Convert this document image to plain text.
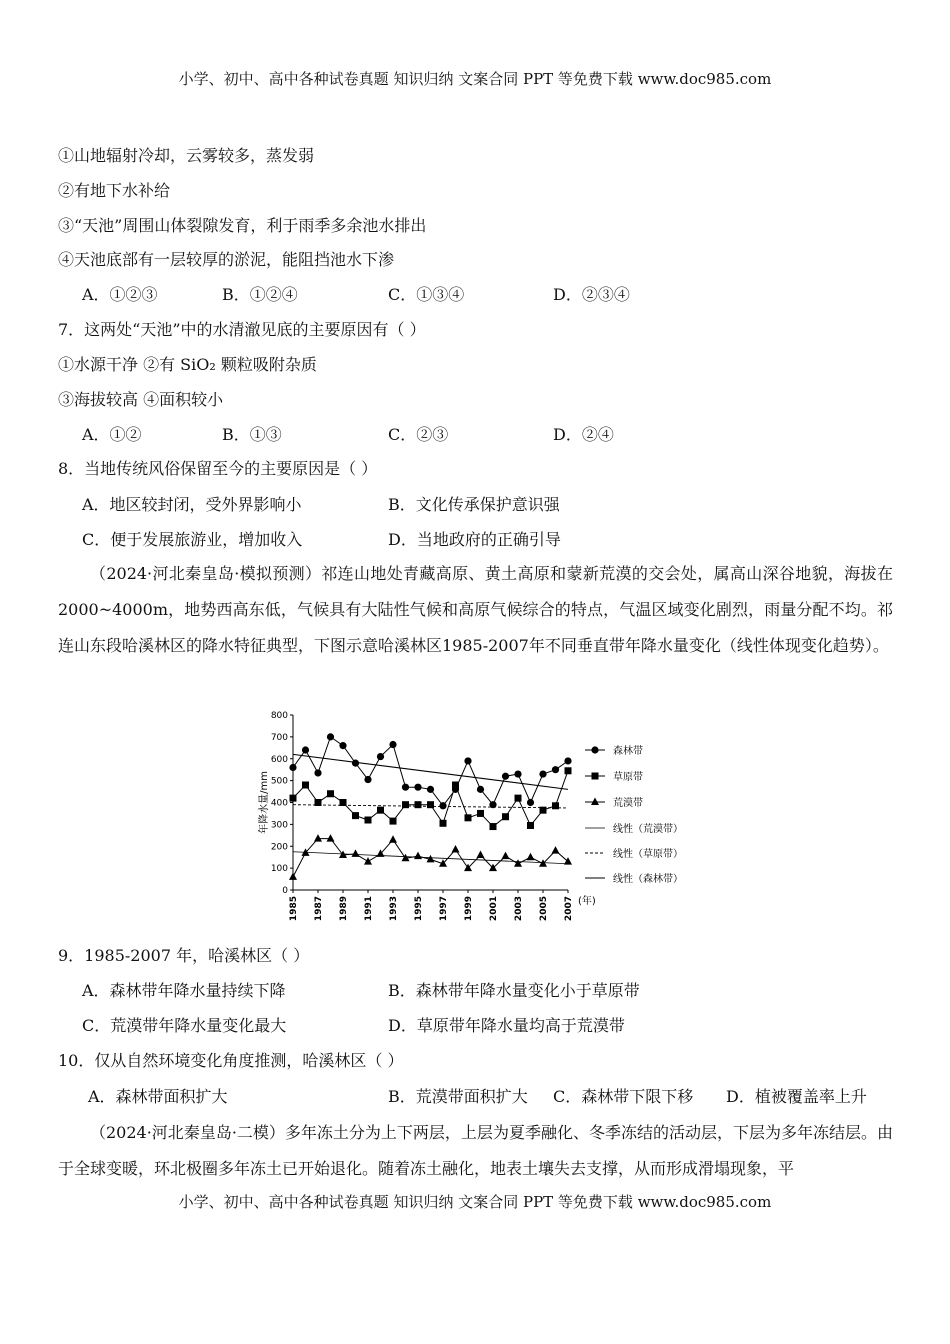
小学、初中、高中各种试卷真题 知识归纳 文案合同 PPT 等免费下载 www.doc985.com
①山地辐射冷却，云雾较多，蒸发弱
②有地下水补给
③“天池”周围山体裂隙发育，利于雨季多余池水排出
④天池底部有一层较厚的淤泥，能阻挡池水下渗
A．①②③	B．①②④	C．①③④	D．②③④
7．这两处“天池”中的水清澈见底的主要原因有（ ）
①水源干净 ②有 SiO₂ 颗粒吸附杂质
③海拔较高 ④面积较小
A．①②	B．①③	C．②③	D．②④
8．当地传统风俗保留至今的主要原因是（ ）
A．地区较封闭，受外界影响小	B．文化传承保护意识强
C．便于发展旅游业，增加收入	D．当地政府的正确引导
（2024·河北秦皇岛·模拟预测）祁连山地处青藏高原、黄土高原和蒙新荒漠的交会处，属高山深谷地貌，海拔在2000~4000m，地势西高东低，气候具有大陆性气候和高原气候综合的特点，气温区域变化剧烈，雨量分配不均。祁连山东段哈溪林区的降水特征典型，下图示意哈溪林区1985-2007年不同垂直带年降水量变化（线性体现变化趋势）。
0
100
200
300
400
500
600
700
800
1985 1987 1989 1991 1993 1995 1997 1999 2001 2003 2005 2007 (年)
年降水量/mm
森林带
草原带
荒漠带
线性（荒漠带）
线性（草原带）
线性（森林带）
9．1985-2007 年，哈溪林区（ ）
A．森林带年降水量持续下降	B．森林带年降水量变化小于草原带
C．荒漠带年降水量变化最大	D．草原带年降水量均高于荒漠带
10．仅从自然环境变化角度推测，哈溪林区（ ）
A．森林带面积扩大	B．荒漠带面积扩大 C．森林带下限下移 D．植被覆盖率上升
（2024·河北秦皇岛·二模）多年冻土分为上下两层，上层为夏季融化、冬季冻结的活动层，下层为多年冻结层。由于全球变暖，环北极圈多年冻土已开始退化。随着冻土融化，地表土壤失去支撑，从而形成滑塌现象，平
小学、初中、高中各种试卷真题 知识归纳 文案合同 PPT 等免费下载 www.doc985.com
